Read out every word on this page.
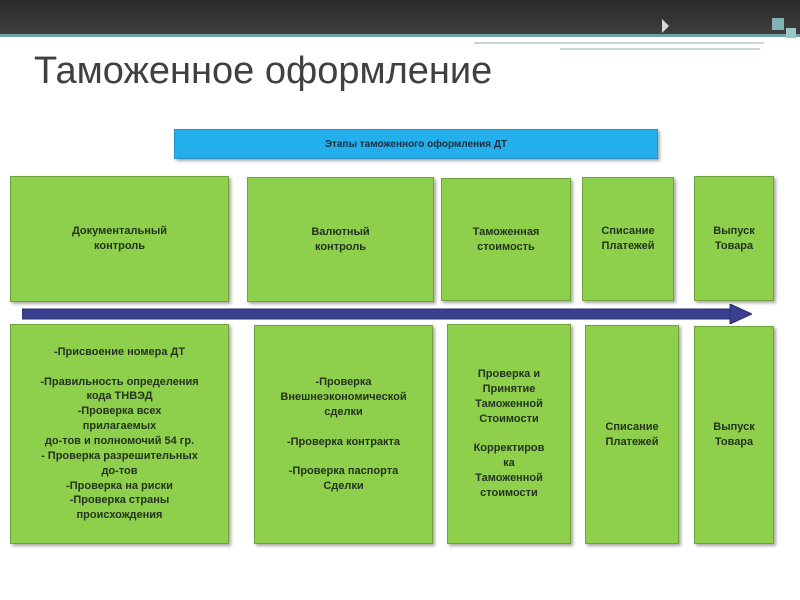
Таможенное оформление
Этапы таможенного оформления ДТ
Документальный
контроль
Валютный
контроль
Таможенная
стоимость
Списание
Платежей
Выпуск
Товара
-Присвоение номера ДТ

-Правильность определения
кода ТНВЭД
-Проверка всех
прилагаемых
до-тов и полномочий 54 гр.
- Проверка разрешительных
до-тов
-Проверка на риски
-Проверка страны
происхождения
-Проверка
Внешнеэкономической
сделки

-Проверка контракта

-Проверка паспорта
Сделки
Проверка и
Принятие
Таможенной
Стоимости

Корректиров
ка
Таможенной
стоимости
Списание
Платежей
Выпуск
Товара
